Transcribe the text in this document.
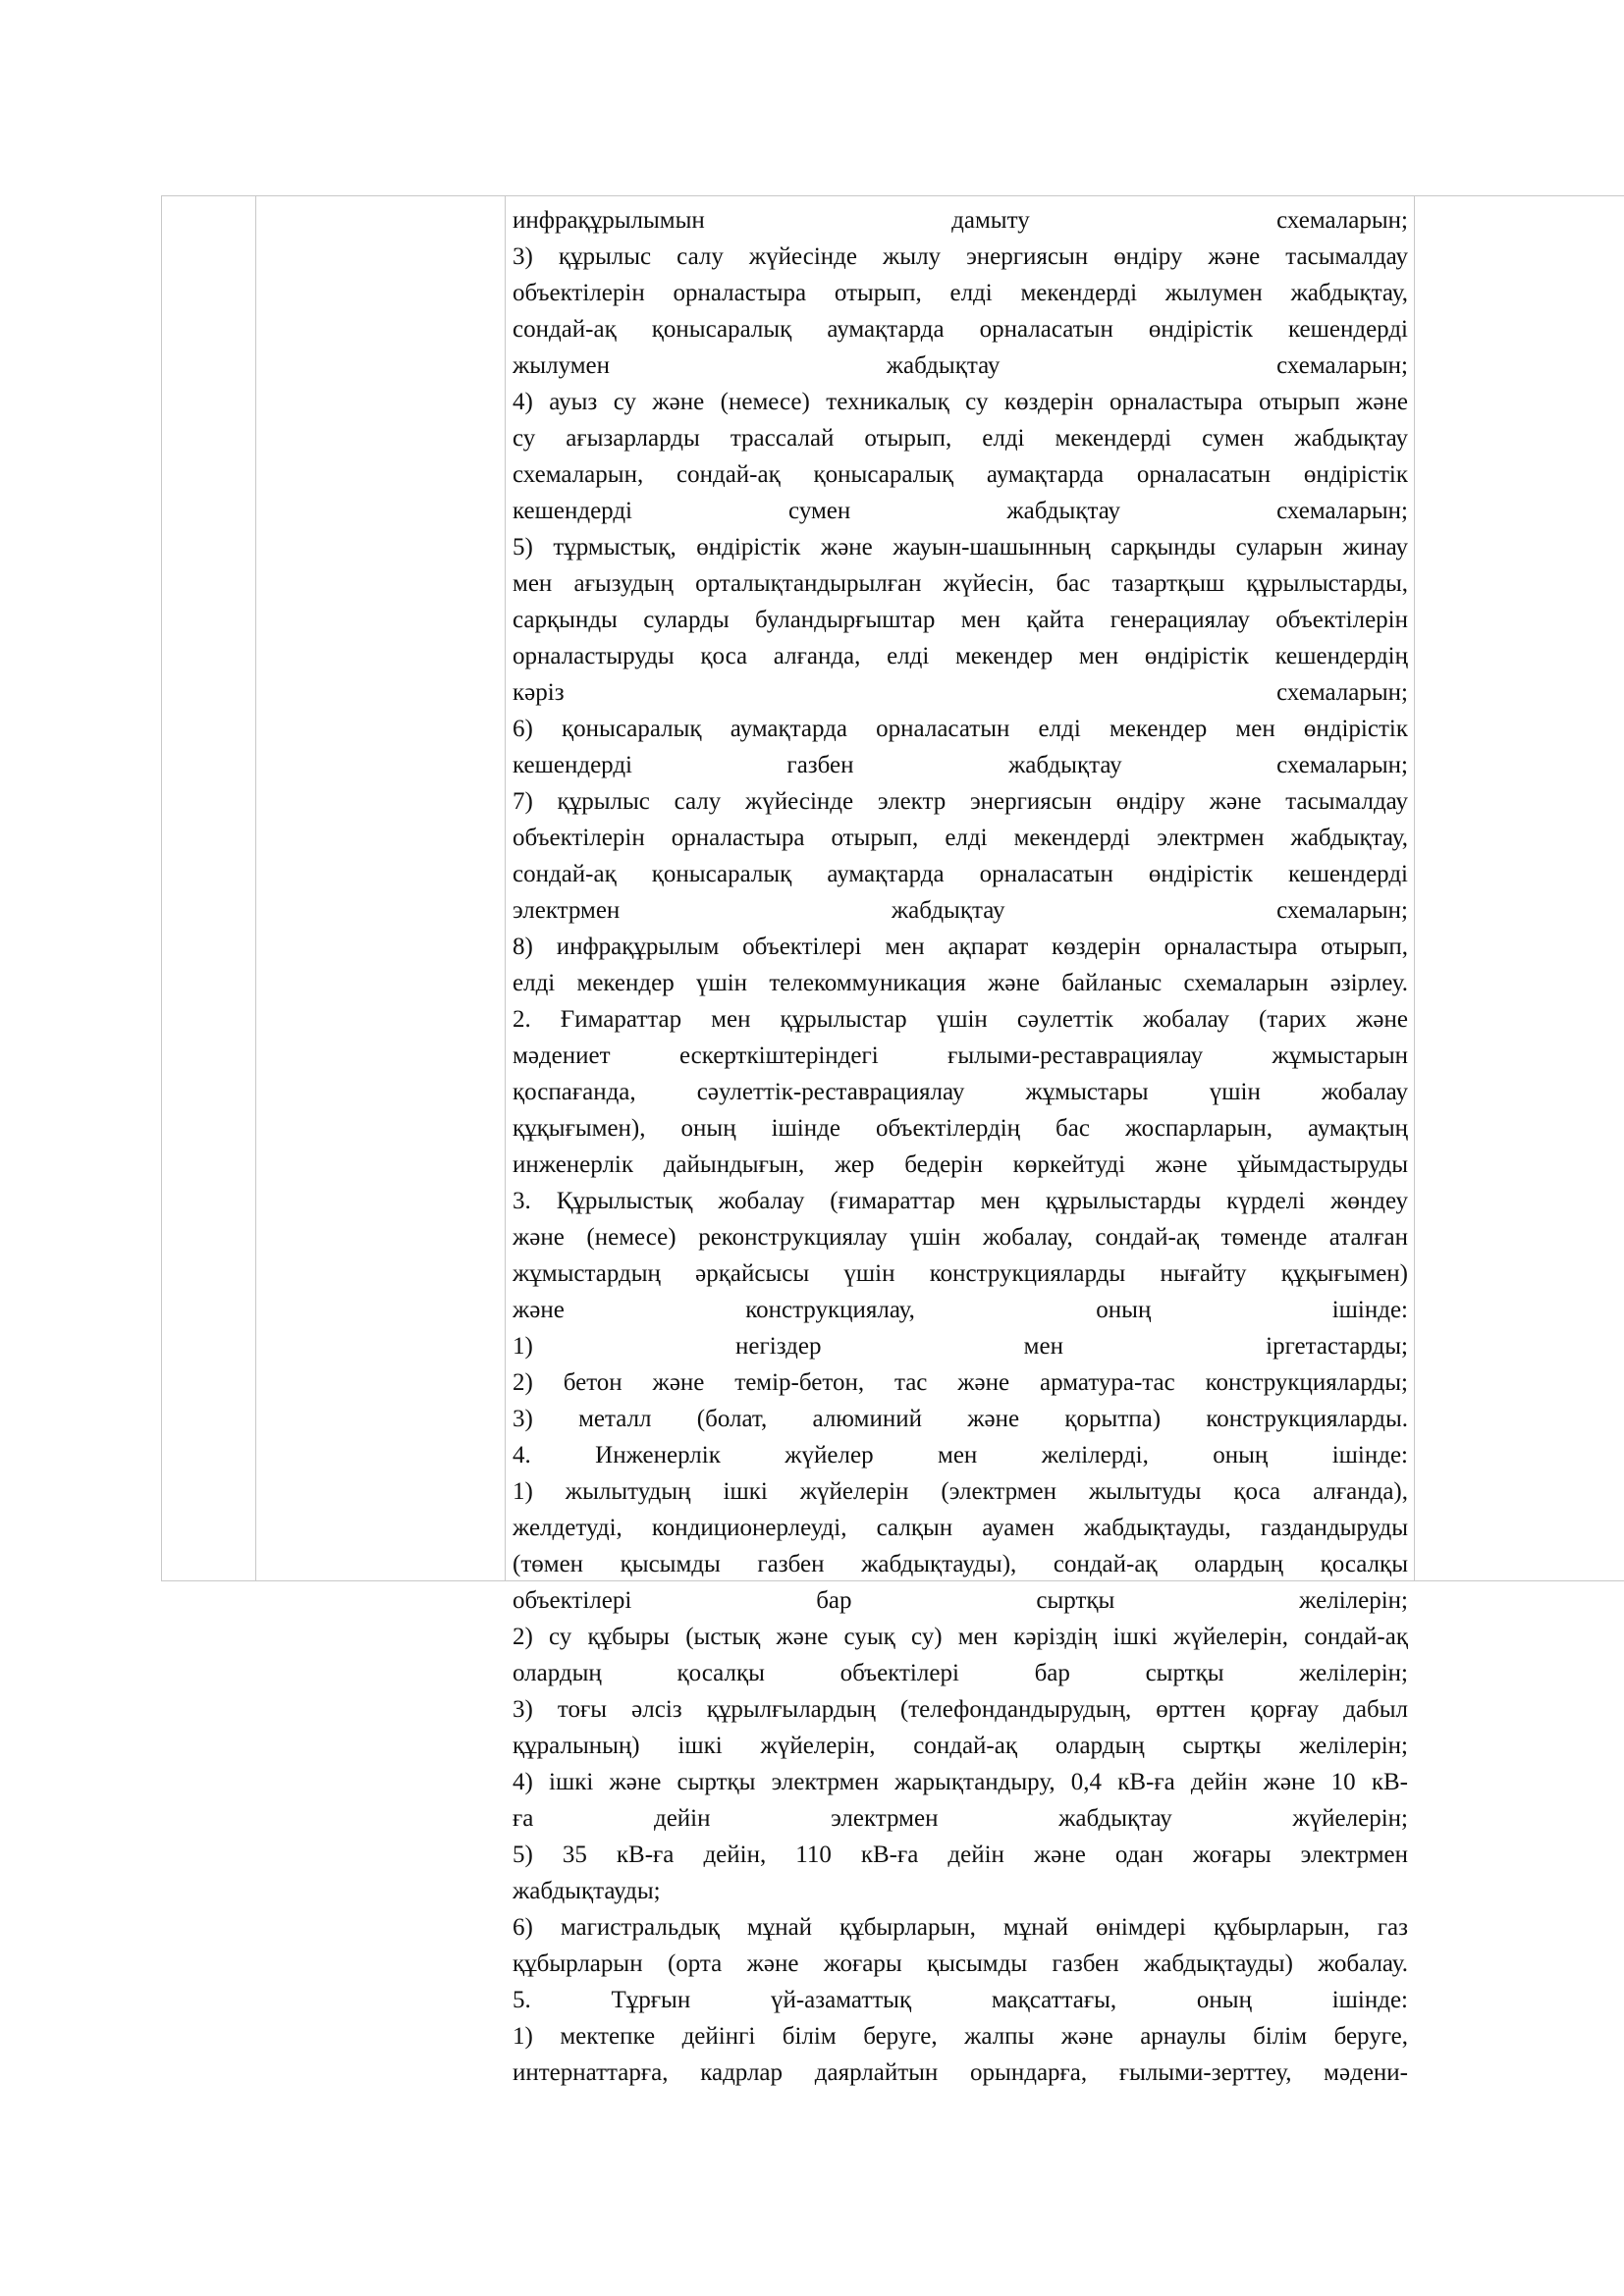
инфрақұрылымын дамыту схемаларын;
3) құрылыс салу жүйесінде жылу энергиясын өндіру және тасымалдау
объектілерін орналастыра отырып, елді мекендерді жылумен жабдықтау,
сондай-ақ қонысаралық аумақтарда орналасатын өндірістік кешендерді
жылумен жабдықтау схемаларын;
4) ауыз су және (немесе) техникалық су көздерін орналастыра отырып және
су ағызарларды трассалай отырып, елді мекендерді сумен жабдықтау
схемаларын, сондай-ақ қонысаралық аумақтарда орналасатын өндірістік
кешендерді сумен жабдықтау схемаларын;
5) тұрмыстық, өндірістік және жауын-шашынның сарқынды суларын жинау
мен ағызудың орталықтандырылған жүйесін, бас тазартқыш құрылыстарды,
сарқынды суларды буландырғыштар мен қайта генерациялау объектілерін
орналастыруды қоса алғанда, елді мекендер мен өндірістік кешендердің
кәріз схемаларын;
6) қонысаралық аумақтарда орналасатын елді мекендер мен өндірістік
кешендерді газбен жабдықтау схемаларын;
7) құрылыс салу жүйесінде электр энергиясын өндіру және тасымалдау
объектілерін орналастыра отырып, елді мекендерді электрмен жабдықтау,
сондай-ақ қонысаралық аумақтарда орналасатын өндірістік кешендерді
электрмен жабдықтау схемаларын;
8) инфрақұрылым объектілері мен ақпарат көздерін орналастыра отырып,
елді мекендер үшін телекоммуникация және байланыс схемаларын әзірлеу.
2. Ғимараттар мен құрылыстар үшін сәулеттік жобалау (тарих және
мәдениет ескерткіштеріндегі ғылыми-реставрациялау жұмыстарын
қоспағанда, сәулеттік-реставрациялау жұмыстары үшін жобалау
құқығымен), оның ішінде объектілердің бас жоспарларын, аумақтың
инженерлік дайындығын, жер бедерін көркейтуді және ұйымдастыруды
3. Құрылыстық жобалау (ғимараттар мен құрылыстарды күрделі жөндеу
және (немесе) реконструкциялау үшін жобалау, сондай-ақ төменде аталған
жұмыстардың әрқайсысы үшін конструкцияларды нығайту құқығымен)
және конструкциялау, оның ішінде:
1) негіздер мен іргетастарды;
2) бетон және темір-бетон, тас және арматура-тас конструкцияларды;
3) металл (болат, алюминий және қорытпа) конструкцияларды.
4. Инженерлік жүйелер мен желілерді, оның ішінде:
1) жылытудың ішкі жүйелерін (электрмен жылытуды қоса алғанда),
желдетуді, кондиционерлеуді, салқын ауамен жабдықтауды, газдандыруды
(төмен қысымды газбен жабдықтауды), сондай-ақ олардың қосалқы
объектілері бар сыртқы желілерін;
2) су құбыры (ыстық және суық су) мен кәріздің ішкі жүйелерін, сондай-ақ
олардың қосалқы объектілері бар сыртқы желілерін;
3) тоғы әлсіз құрылғылардың (телефондандырудың, өрттен қорғау дабыл
құралының) ішкі жүйелерін, сондай-ақ олардың сыртқы желілерін;
4) ішкі және сыртқы электрмен жарықтандыру, 0,4 кВ-ға дейін және 10 кВ-
ға дейін электрмен жабдықтау жүйелерін;
5) 35 кВ-ға дейін, 110 кВ-ға дейін және одан жоғары электрмен
жабдықтауды;
6) магистральдық мұнай құбырларын, мұнай өнімдері құбырларын, газ
құбырларын (орта және жоғары қысымды газбен жабдықтауды) жобалау.
5. Тұрғын үй-азаматтық мақсаттағы, оның ішінде:
1) мектепке дейінгі білім беруге, жалпы және арнаулы білім беруге,
интернаттарға, кадрлар даярлайтын орындарға, ғылыми-зерттеу, мәдени-
